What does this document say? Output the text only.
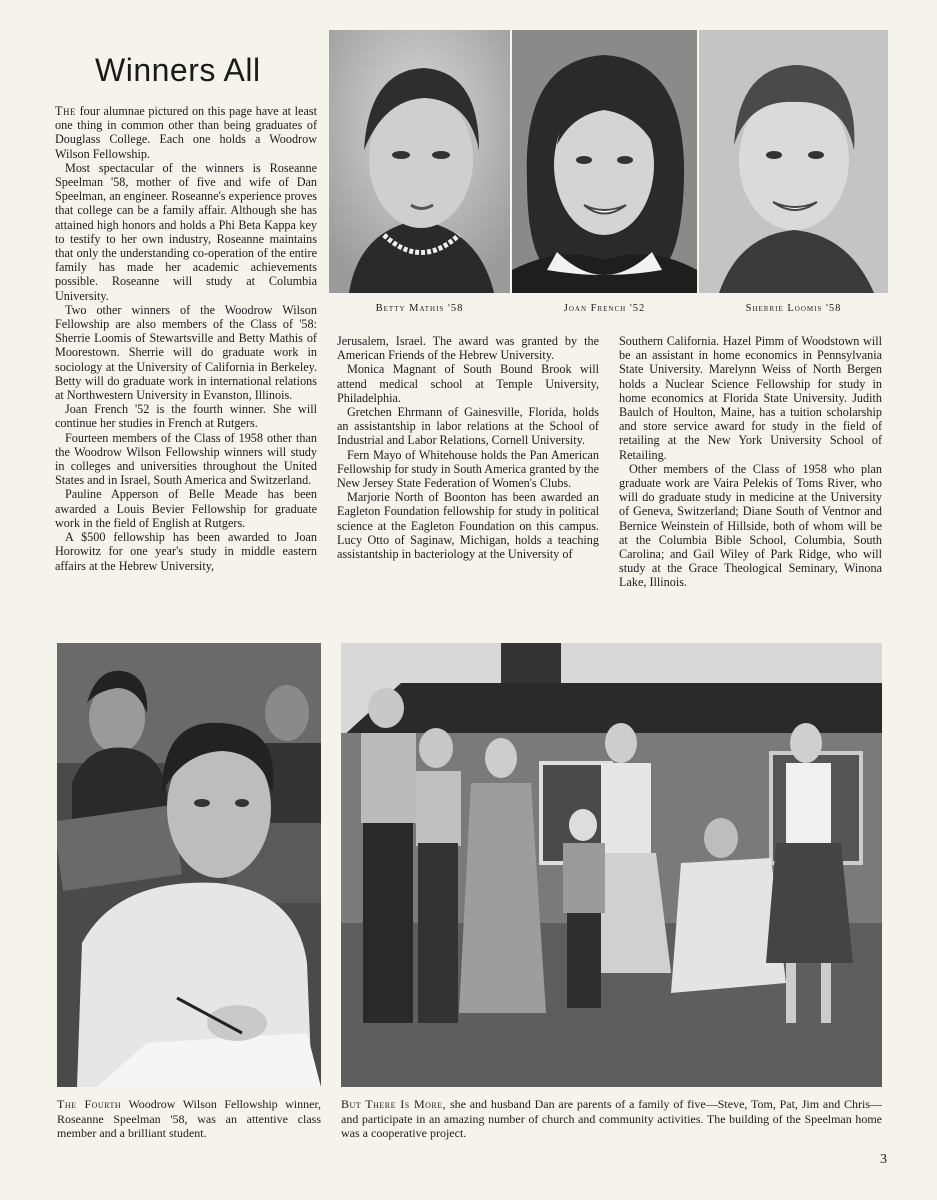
Winners All

The four alumnae pictured on this page have at least one thing in common other than being graduates of Douglass College. Each one holds a Woodrow Wilson Fellowship.

Most spectacular of the winners is Roseanne Speelman '58, mother of five and wife of Dan Speelman, an engineer. Roseanne's experience proves that college can be a family affair. Although she has attained high honors and holds a Phi Beta Kappa key to testify to her own industry, Roseanne maintains that only the understanding co-operation of the entire family has made her academic achievements possible. Roseanne will study at Columbia University.

Two other winners of the Woodrow Wilson Fellowship are also members of the Class of '58: Sherrie Loomis of Stewartsville and Betty Mathis of Moorestown. Sherrie will do graduate work in sociology at the University of California in Berkeley. Betty will do graduate work in international relations at Northwestern University in Evanston, Illinois.

Joan French '52 is the fourth winner. She will continue her studies in French at Rutgers.

Fourteen members of the Class of 1958 other than the Woodrow Wilson Fellowship winners will study in colleges and universities throughout the United States and in Israel, South America and Switzerland.

Pauline Apperson of Belle Meade has been awarded a Louis Bevier Fellowship for graduate work in the field of English at Rutgers.

A $500 fellowship has been awarded to Joan Horowitz for one year's study in middle eastern affairs at the Hebrew University,

Jerusalem, Israel. The award was granted by the American Friends of the Hebrew University.

Monica Magnant of South Bound Brook will attend medical school at Temple University, Philadelphia.

Gretchen Ehrmann of Gainesville, Florida, holds an assistantship in labor relations at the School of Industrial and Labor Relations, Cornell University.

Fern Mayo of Whitehouse holds the Pan American Fellowship for study in South America granted by the New Jersey State Federation of Women's Clubs.

Marjorie North of Boonton has been awarded an Eagleton Foundation fellowship for study in political science at the Eagleton Foundation on this campus. Lucy Otto of Saginaw, Michigan, holds a teaching assistantship in bacteriology at the University of

Southern California. Hazel Pimm of Woodstown will be an assistant in home economics in Pennsylvania State University. Marelynn Weiss of North Bergen holds a Nuclear Science Fellowship for study in home economics at Florida State University. Judith Baulch of Houlton, Maine, has a tuition scholarship and store service award for study in the field of retailing at the New York University School of Retailing.

Other members of the Class of 1958 who plan graduate work are Vaira Pelekis of Toms River, who will do graduate study in medicine at the University of Geneva, Switzerland; Diane South of Ventnor and Bernice Weinstein of Hillside, both of whom will be at the Columbia Bible School, Columbia, South Carolina; and Gail Wiley of Park Ridge, who will study at the Grace Theological Seminary, Winona Lake, Illinois.

Betty Mathis '58	Joan French '52	Sherrie Loomis '58
The Fourth Woodrow Wilson Fellowship winner, Roseanne Speelman '58, was an attentive class member and a brilliant student.
But There Is More, she and husband Dan are parents of a family of five—Steve, Tom, Pat, Jim and Chris—and participate in an amazing number of church and community activities. The building of the Speelman home was a cooperative project.
3
